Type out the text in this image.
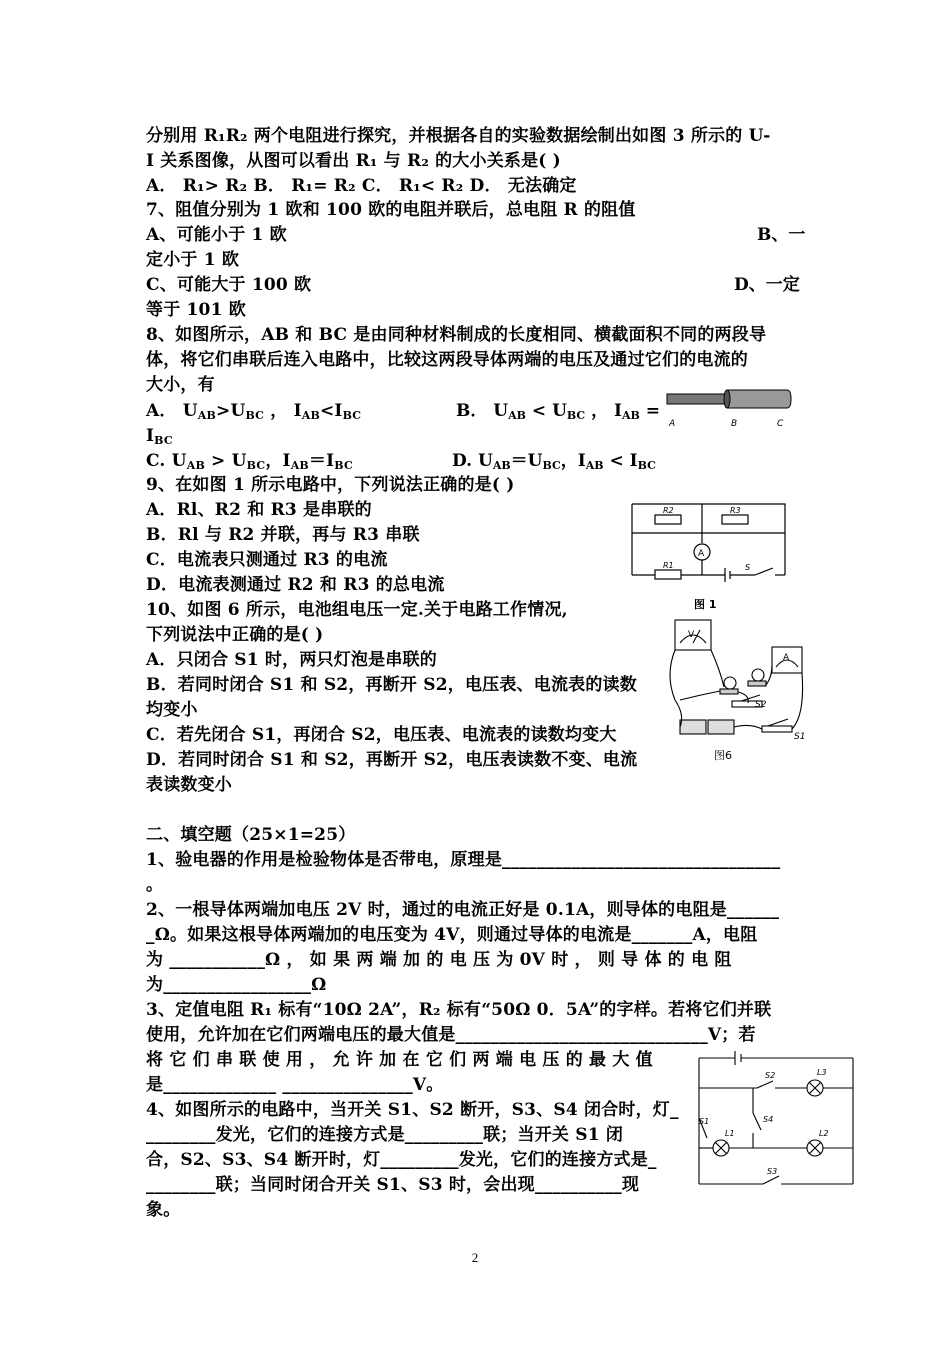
分别用 R₁R₂ 两个电阻进行探究，并根据各自的实验数据绘制出如图 3 所示的 U-
I 关系图像，从图可以看出 R₁ 与 R₂ 的大小关系是( )
A． R₁> R₂ B． R₁= R₂ C． R₁< R₂ D． 无法确定
7、阻值分别为 1 欧和 100 欧的电阻并联后，总电阻 R 的阻值
A、可能小于 1 欧	B、一
定小于 1 欧
C、可能大于 100 欧	D、一定
等于 101 欧
8、如图所示，AB 和 BC 是由同种材料制成的长度相同、横截面积不同的两段导
体，将它们串联后连入电路中，比较这两段导体两端的电压及通过它们的电流的
大小，有
A． $U_{AB}>U_{BC}$ ， $I_{AB}<I_{BC}$	B． $U_{AB} < U_{BC}$ ， $I_{AB}$ =
$I_{BC}$
C. $U_{AB} > U_{BC}$，$I_{AB}=I_{BC}$	D. $U_{AB}=U_{BC}$，$I_{AB} < I_{BC}$
9、在如图 1 所示电路中，下列说法正确的是( )
A．Rl、R2 和 R3 是串联的
B．Rl 与 R2 并联，再与 R3 串联
C．电流表只测通过 R3 的电流
D．电流表测通过 R2 和 R3 的总电流
10、如图 6 所示，电池组电压一定.关于电路工作情况,
下列说法中正确的是( )
A．只闭合 S1 时，两只灯泡是串联的
B．若同时闭合 S1 和 S2，再断开 S2，电压表、电流表的读数
均变小
C．若先闭合 S1，再闭合 S2，电压表、电流表的读数均变大
D．若同时闭合 S1 和 S2，再断开 S2，电压表读数不变、电流
表读数变小
二、填空题（25×1=25）
1、验电器的作用是检验物体是否带电，原理是________________________________
。
2、一根导体两端加电压 2V 时，通过的电流正好是 0.1A，则导体的电阻是______
_Ω。如果这根导体两端加的电压变为 4V，则通过导体的电流是_______A，电阻
为 ___________Ω ， 如 果 两 端 加 的 电 压 为 0V 时 ， 则 导 体 的 电 阻
为_________________Ω
3、定值电阻 R₁ 标有“10Ω 2A”，R₂ 标有“50Ω 0．5A”的字样。若将它们并联
使用，允许加在它们两端电压的最大值是_____________________________V；若
将 它 们 串 联 使 用 ， 允 许 加 在 它 们 两 端 电 压 的 最 大 值
是_____________ _______________V。
4、如图所示的电路中，当开关 S1、S2 断开，S3、S4 闭合时，灯_
________发光，它们的连接方式是_________联；当开关 S1 闭
合，S2、S3、S4 断开时，灯_________发光，它们的连接方式是_
________联；当同时闭合开关 S1、S3 时，会出现__________现
象。
A	B	C
R2	R3
R1
A
S
图 1
V
A
S2
S1
图6
S2	L3
S1	S4
L1	L2
S3
2
